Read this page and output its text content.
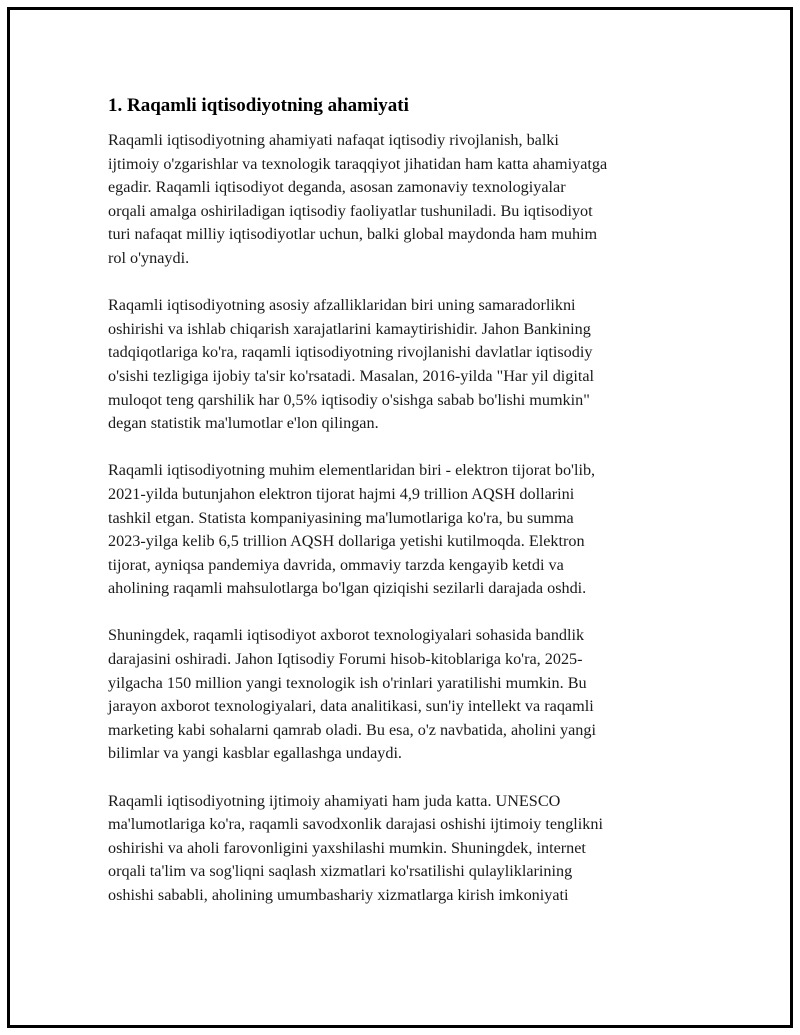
1. Raqamli iqtisodiyotning ahamiyati
Raqamli iqtisodiyotning ahamiyati nafaqat iqtisodiy rivojlanish, balki
ijtimoiy o'zgarishlar va texnologik taraqqiyot jihatidan ham katta ahamiyatga
egadir. Raqamli iqtisodiyot deganda, asosan zamonaviy texnologiyalar
orqali amalga oshiriladigan iqtisodiy faoliyatlar tushuniladi. Bu iqtisodiyot
turi nafaqat milliy iqtisodiyotlar uchun, balki global maydonda ham muhim
rol o'ynaydi.
Raqamli iqtisodiyotning asosiy afzalliklaridan biri uning samaradorlikni
oshirishi va ishlab chiqarish xarajatlarini kamaytirishidir. Jahon Bankining
tadqiqotlariga ko'ra, raqamli iqtisodiyotning rivojlanishi davlatlar iqtisodiy
o'sishi tezligiga ijobiy ta'sir ko'rsatadi. Masalan, 2016-yilda "Har yil digital
muloqot teng qarshilik har 0,5% iqtisodiy o'sishga sabab bo'lishi mumkin"
degan statistik ma'lumotlar e'lon qilingan.
Raqamli iqtisodiyotning muhim elementlaridan biri - elektron tijorat bo'lib,
2021-yilda butunjahon elektron tijorat hajmi 4,9 trillion AQSH dollarini
tashkil etgan. Statista kompaniyasining ma'lumotlariga ko'ra, bu summa
2023-yilga kelib 6,5 trillion AQSH dollariga yetishi kutilmoqda. Elektron
tijorat, ayniqsa pandemiya davrida, ommaviy tarzda kengayib ketdi va
aholining raqamli mahsulotlarga bo'lgan qiziqishi sezilarli darajada oshdi.
Shuningdek, raqamli iqtisodiyot axborot texnologiyalari sohasida bandlik
darajasini oshiradi. Jahon Iqtisodiy Forumi hisob-kitoblariga ko'ra, 2025-
yilgacha 150 million yangi texnologik ish o'rinlari yaratilishi mumkin. Bu
jarayon axborot texnologiyalari, data analitikasi, sun'iy intellekt va raqamli
marketing kabi sohalarni qamrab oladi. Bu esa, o'z navbatida, aholini yangi
bilimlar va yangi kasblar egallashga undaydi.
Raqamli iqtisodiyotning ijtimoiy ahamiyati ham juda katta. UNESCO
ma'lumotlariga ko'ra, raqamli savodxonlik darajasi oshishi ijtimoiy tenglikni
oshirishi va aholi farovonligini yaxshilashi mumkin. Shuningdek, internet
orqali ta'lim va sog'liqni saqlash xizmatlari ko'rsatilishi qulayliklarining
oshishi sababli, aholining umumbashariy xizmatlarga kirish imkoniyati
